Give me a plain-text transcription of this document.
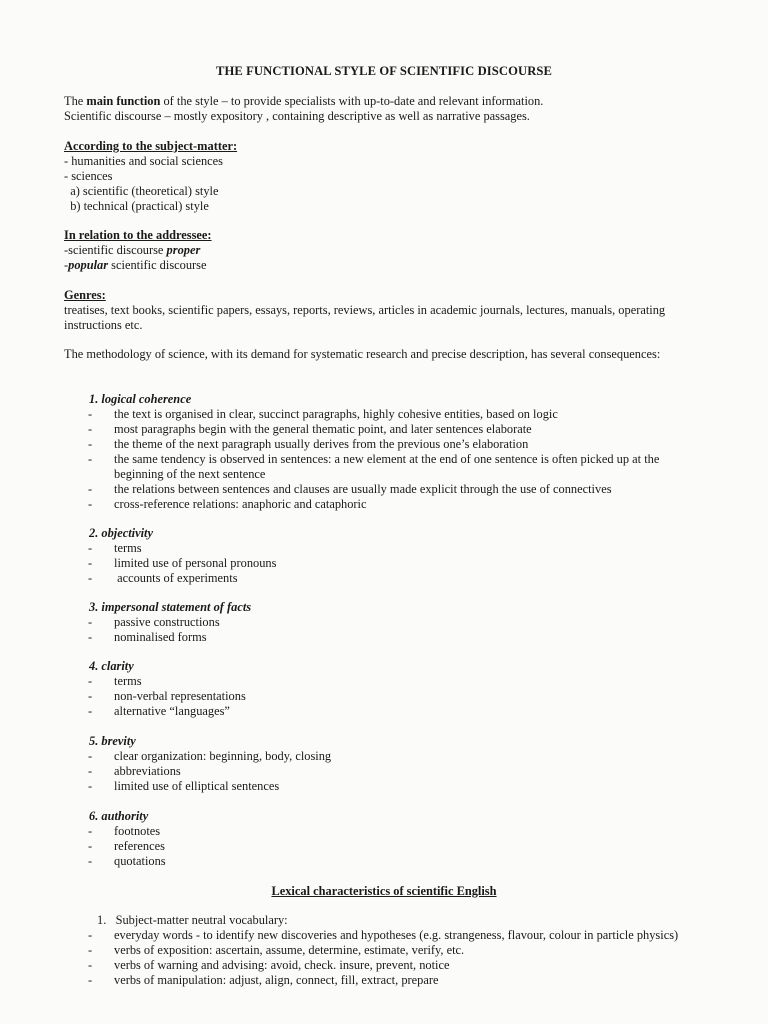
THE FUNCTIONAL STYLE OF SCIENTIFIC DISCOURSE
The main function of the style – to provide specialists with up-to-date and relevant information.
Scientific discourse – mostly expository , containing descriptive as well as narrative passages.
According to the subject-matter:
- humanities and social sciences
- sciences
a) scientific (theoretical) style
b) technical (practical) style
In relation to the addressee:
-scientific discourse proper
-popular scientific discourse
Genres:
treatises, text books, scientific papers, essays, reports, reviews, articles in academic journals, lectures, manuals, operating instructions etc.
The methodology of science, with its demand for systematic research and precise description, has several consequences:
1. logical coherence
- the text is organised in clear, succinct paragraphs, highly cohesive entities, based on logic
- most paragraphs begin with the general thematic point, and later sentences elaborate
- the theme of the next paragraph usually derives from the previous one’s elaboration
- the same tendency is observed in sentences: a new element at the end of one sentence is often picked up at the beginning of the next sentence
- the relations between sentences and clauses are usually made explicit through the use of connectives
- cross-reference relations: anaphoric and cataphoric
2. objectivity
- terms
- limited use of personal pronouns
- accounts of experiments
3. impersonal statement of facts
- passive constructions
- nominalised forms
4. clarity
- terms
- non-verbal representations
- alternative “languages”
5. brevity
- clear organization: beginning, body, closing
- abbreviations
- limited use of elliptical sentences
6. authority
- footnotes
- references
- quotations
Lexical characteristics of scientific English
1.   Subject-matter neutral vocabulary:
- everyday words - to identify new discoveries and hypotheses (e.g. strangeness, flavour, colour in particle physics)
- verbs of exposition: ascertain, assume, determine, estimate, verify, etc.
- verbs of warning and advising: avoid, check. insure, prevent, notice
- verbs of manipulation: adjust, align, connect, fill, extract, prepare
